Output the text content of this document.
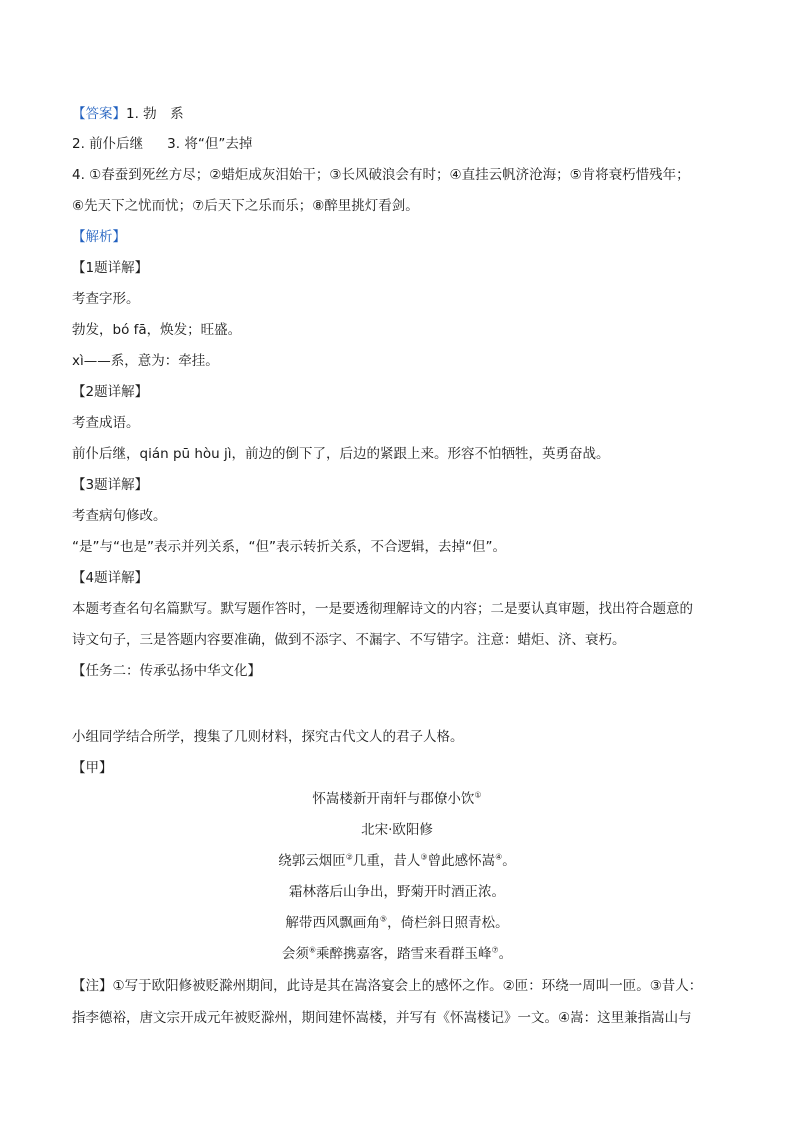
【答案】1. 勃　系
2. 前仆后继 3. 将“但”去掉
4. ①春蚕到死丝方尽；②蜡炬成灰泪始干；③长风破浪会有时；④直挂云帆济沧海；⑤肯将衰朽惜残年；
⑥先天下之忧而忧；⑦后天下之乐而乐；⑧醉里挑灯看剑。
【解析】
【1题详解】
考查字形。
勃发，bó fā，焕发；旺盛。
xì——系，意为：牵挂。
【2题详解】
考查成语。
前仆后继，qián pū hòu jì，前边的倒下了，后边的紧跟上来。形容不怕牺牲，英勇奋战。
【3题详解】
考查病句修改。
“是”与“也是”表示并列关系，“但”表示转折关系，不合逻辑，去掉“但”。
【4题详解】
本题考查名句名篇默写。默写题作答时，一是要透彻理解诗文的内容；二是要认真审题，找出符合题意的
诗文句子，三是答题内容要准确，做到不添字、不漏字、不写错字。注意：蜡炬、济、衰朽。
【任务二：传承弘扬中华文化】
小组同学结合所学，搜集了几则材料，探究古代文人的君子人格。
【甲】
怀嵩楼新开南轩与郡僚小饮①
北宋·欧阳修
绕郭云烟匝②几重，昔人③曾此感怀嵩④。
霜林落后山争出，野菊开时酒正浓。
解带西风飘画角⑤，倚栏斜日照青松。
会须⑥乘醉携嘉客，踏雪来看群玉峰⑦。
【注】①写于欧阳修被贬滁州期间，此诗是其在嵩洛宴会上的感怀之作。②匝：环绕一周叫一匝。③昔人：
指李德裕，唐文宗开成元年被贬滁州，期间建怀嵩楼，并写有《怀嵩楼记》一文。④嵩：这里兼指嵩山与
